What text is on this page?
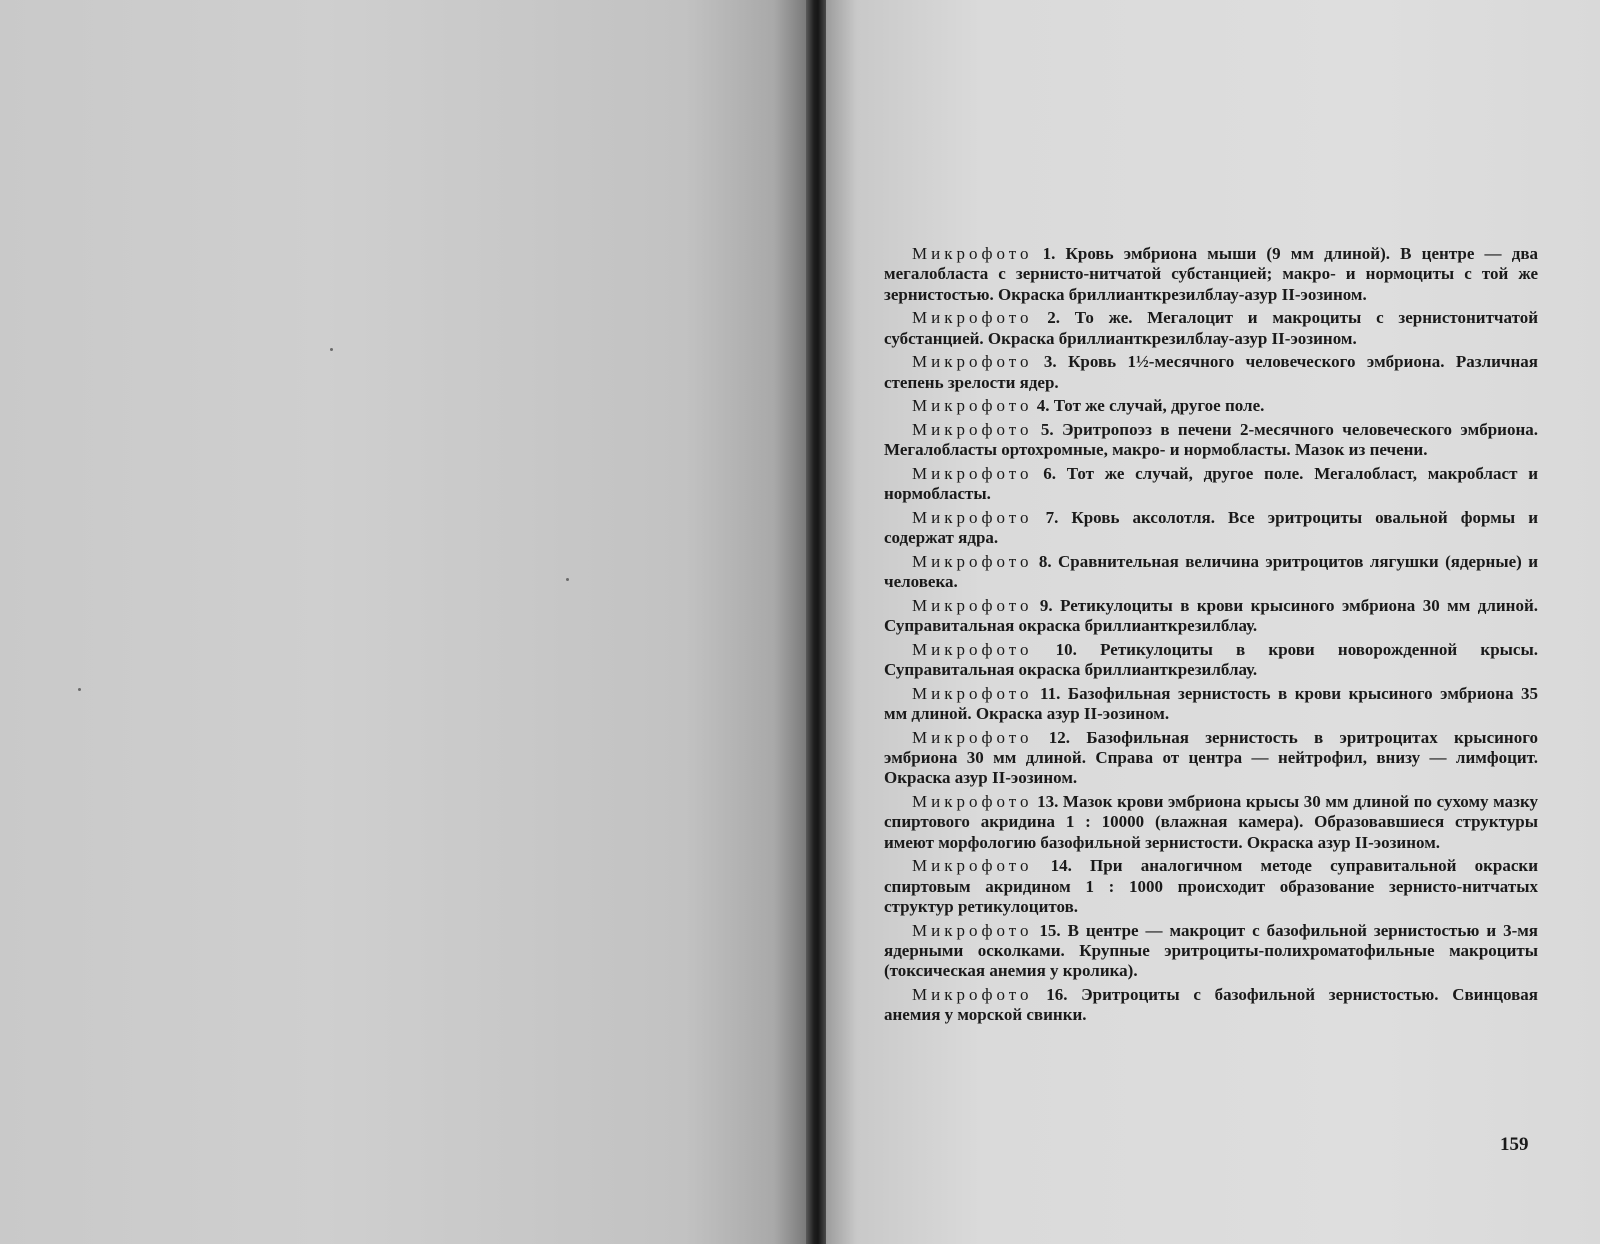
Микрофото 1. Кровь эмбриона мыши (9 мм длиной). В центре — два мегалобласта с зернисто-нитчатой субстанцией; макро- и нормоциты с той же зернистостью. Окраска бриллианткрезилблау-азур II-эозином.

Микрофото 2. То же. Мегалоцит и макроциты с зернистонитчатой субстанцией. Окраска бриллианткрезилблау-азур II-эозином.

Микрофото 3. Кровь 1½-месячного человеческого эмбриона. Различная степень зрелости ядер.

Микрофото 4. Тот же случай, другое поле.

Микрофото 5. Эритропоэз в печени 2-месячного человеческого эмбриона. Мегалобласты ортохромные, макро- и нормобласты. Мазок из печени.

Микрофото 6. Тот же случай, другое поле. Мегалобласт, макробласт и нормобласты.

Микрофото 7. Кровь аксолотля. Все эритроциты овальной формы и содержат ядра.

Микрофото 8. Сравнительная величина эритроцитов лягушки (ядерные) и человека.

Микрофото 9. Ретикулоциты в крови крысиного эмбриона 30 мм длиной. Суправитальная окраска бриллианткрезилблау.

Микрофото 10. Ретикулоциты в крови новорожденной крысы. Суправитальная окраска бриллианткрезилблау.

Микрофото 11. Базофильная зернистость в крови крысиного эмбриона 35 мм длиной. Окраска азур II-эозином.

Микрофото 12. Базофильная зернистость в эритроцитах крысиного эмбриона 30 мм длиной. Справа от центра — нейтрофил, внизу — лимфоцит. Окраска азур II-эозином.

Микрофото 13. Мазок крови эмбриона крысы 30 мм длиной по сухому мазку спиртового акридина 1 : 10000 (влажная камера). Образовавшиеся структуры имеют морфологию базофильной зернистости. Окраска азур II-эозином.

Микрофото 14. При аналогичном методе суправитальной окраски спиртовым акридином 1 : 1000 происходит образование зернисто-нитчатых структур ретикулоцитов.

Микрофото 15. В центре — макроцит с базофильной зернистостью и 3-мя ядерными осколками. Крупные эритроциты-полихроматофильные макроциты (токсическая анемия у кролика).

Микрофото 16. Эритроциты с базофильной зернистостью. Свинцовая анемия у морской свинки.

159
